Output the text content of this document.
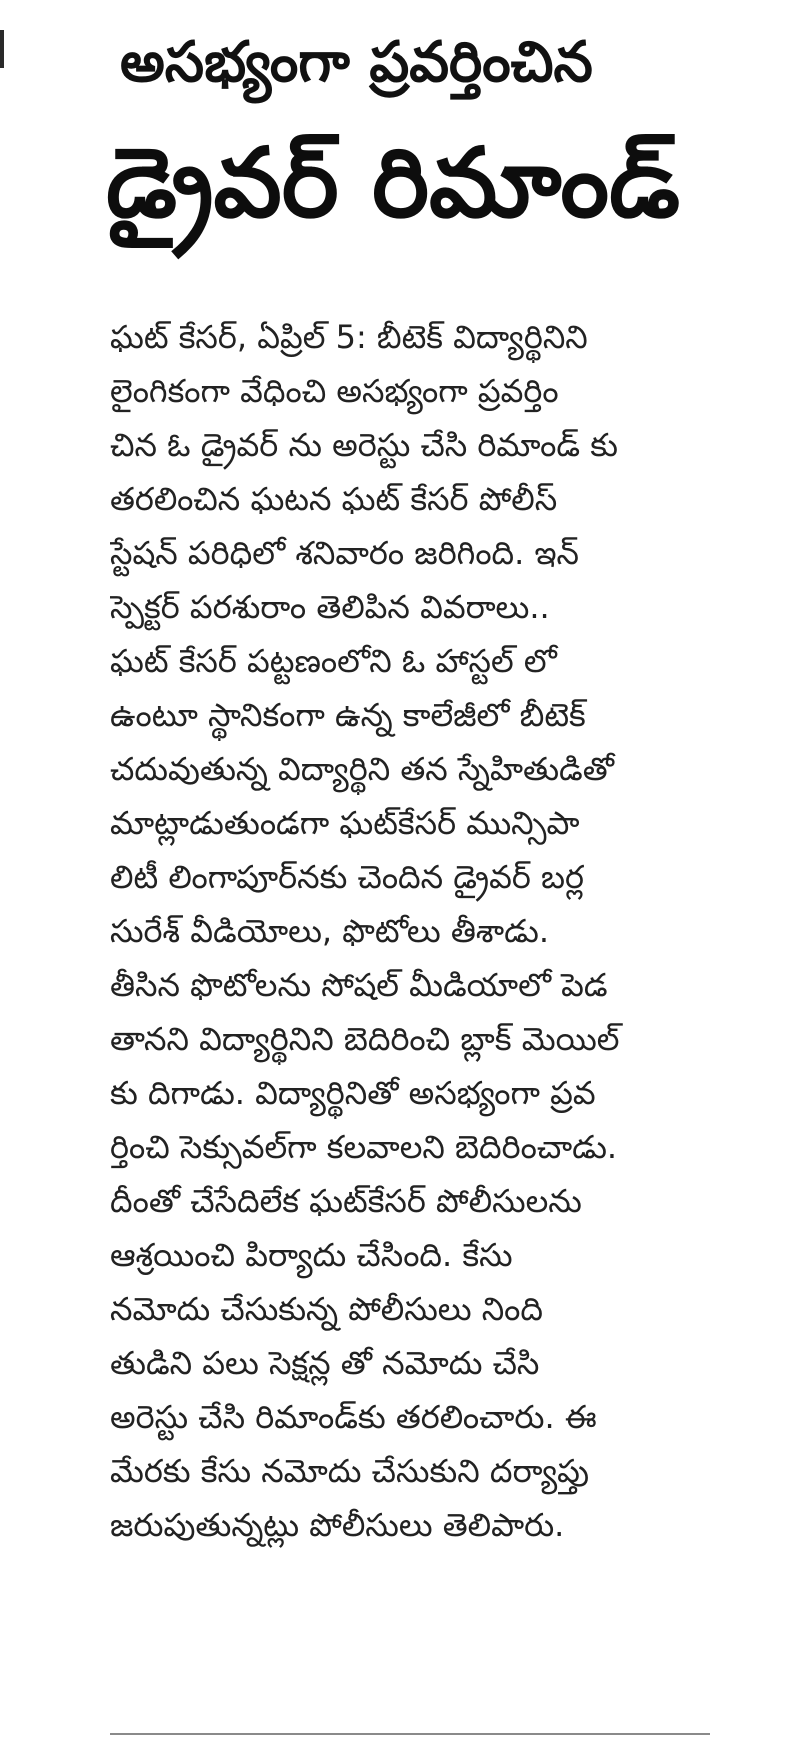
అసభ్యంగా ప్రవర్తించిన
డ్రైవర్ రిమాండ్
ఘట్ కేసర్, ఏప్రిల్ 5: బీటెక్ విద్యార్థినిని
లైంగికంగా వేధించి అసభ్యంగా ప్రవర్తిం
చిన ఓ డ్రైవర్ ను అరెస్టు చేసి రిమాండ్ కు
తరలించిన ఘటన ఘట్ కేసర్ పోలీస్
స్టేషన్ పరిధిలో శనివారం జరిగింది. ఇన్
స్పెక్టర్ పరశురాం తెలిపిన వివరాలు..
ఘట్ కేసర్ పట్టణంలోని ఓ హాస్టల్ లో
ఉంటూ స్థానికంగా ఉన్న కాలేజీలో బీటెక్
చదువుతున్న విద్యార్థిని తన స్నేహితుడితో
మాట్లాడుతుండగా ఘట్‌కేసర్ మున్సిపా
లిటీ లింగాపూర్‌నకు చెందిన డ్రైవర్ బర్ల
సురేశ్ వీడియోలు, ఫొటోలు తీశాడు.
తీసిన ఫొటోలను సోషల్ మీడియాలో పెడ
తానని విద్యార్థినిని బెదిరించి బ్లాక్ మెయిల్
కు దిగాడు. విద్యార్థినితో అసభ్యంగా ప్రవ
ర్తించి సెక్సువల్‌గా కలవాలని బెదిరించాడు.
దీంతో చేసేదిలేక ఘట్‌కేసర్ పోలీసులను
ఆశ్రయించి పిర్యాదు చేసింది. కేసు
నమోదు చేసుకున్న పోలీసులు నింది
తుడిని పలు సెక్షన్ల తో నమోదు చేసి
అరెస్టు చేసి రిమాండ్‌కు తరలించారు. ఈ
మేరకు కేసు నమోదు చేసుకుని దర్యాప్తు
జరుపుతున్నట్లు పోలీసులు తెలిపారు.
